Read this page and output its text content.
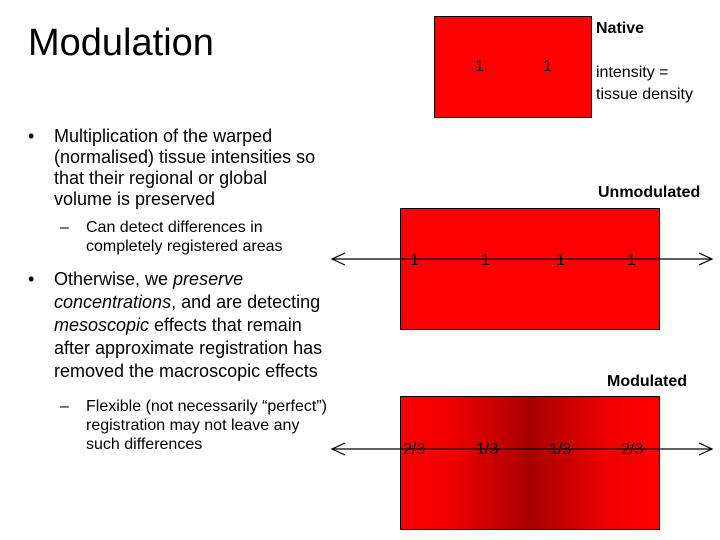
Modulation
• Multiplication of the warped (normalised) tissue intensities so that their regional or global volume is preserved
– Can detect differences in completely registered areas
• Otherwise, we preserve concentrations, and are detecting mesoscopic effects that remain after approximate registration has removed the macroscopic effects
– Flexible (not necessarily “perfect”) registration may not leave any such differences
1	1
Native
intensity =
tissue density
Unmodulated
1	1	1	1
Modulated
2/3	1/3	1/3	2/3
